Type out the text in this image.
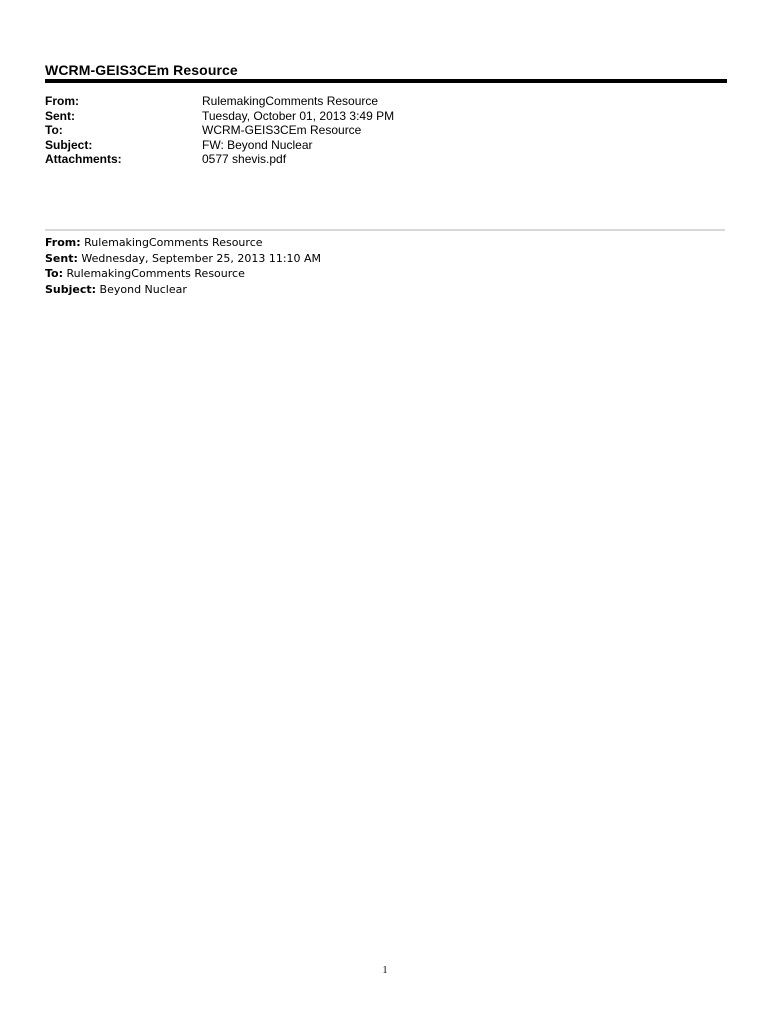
WCRM-GEIS3CEm Resource
From:	RulemakingComments Resource
Sent:	Tuesday, October 01, 2013 3:49 PM
To:	WCRM-GEIS3CEm Resource
Subject:	FW: Beyond Nuclear
Attachments:	0577 shevis.pdf
From: RulemakingComments Resource
Sent: Wednesday, September 25, 2013 11:10 AM
To: RulemakingComments Resource
Subject: Beyond Nuclear
1
